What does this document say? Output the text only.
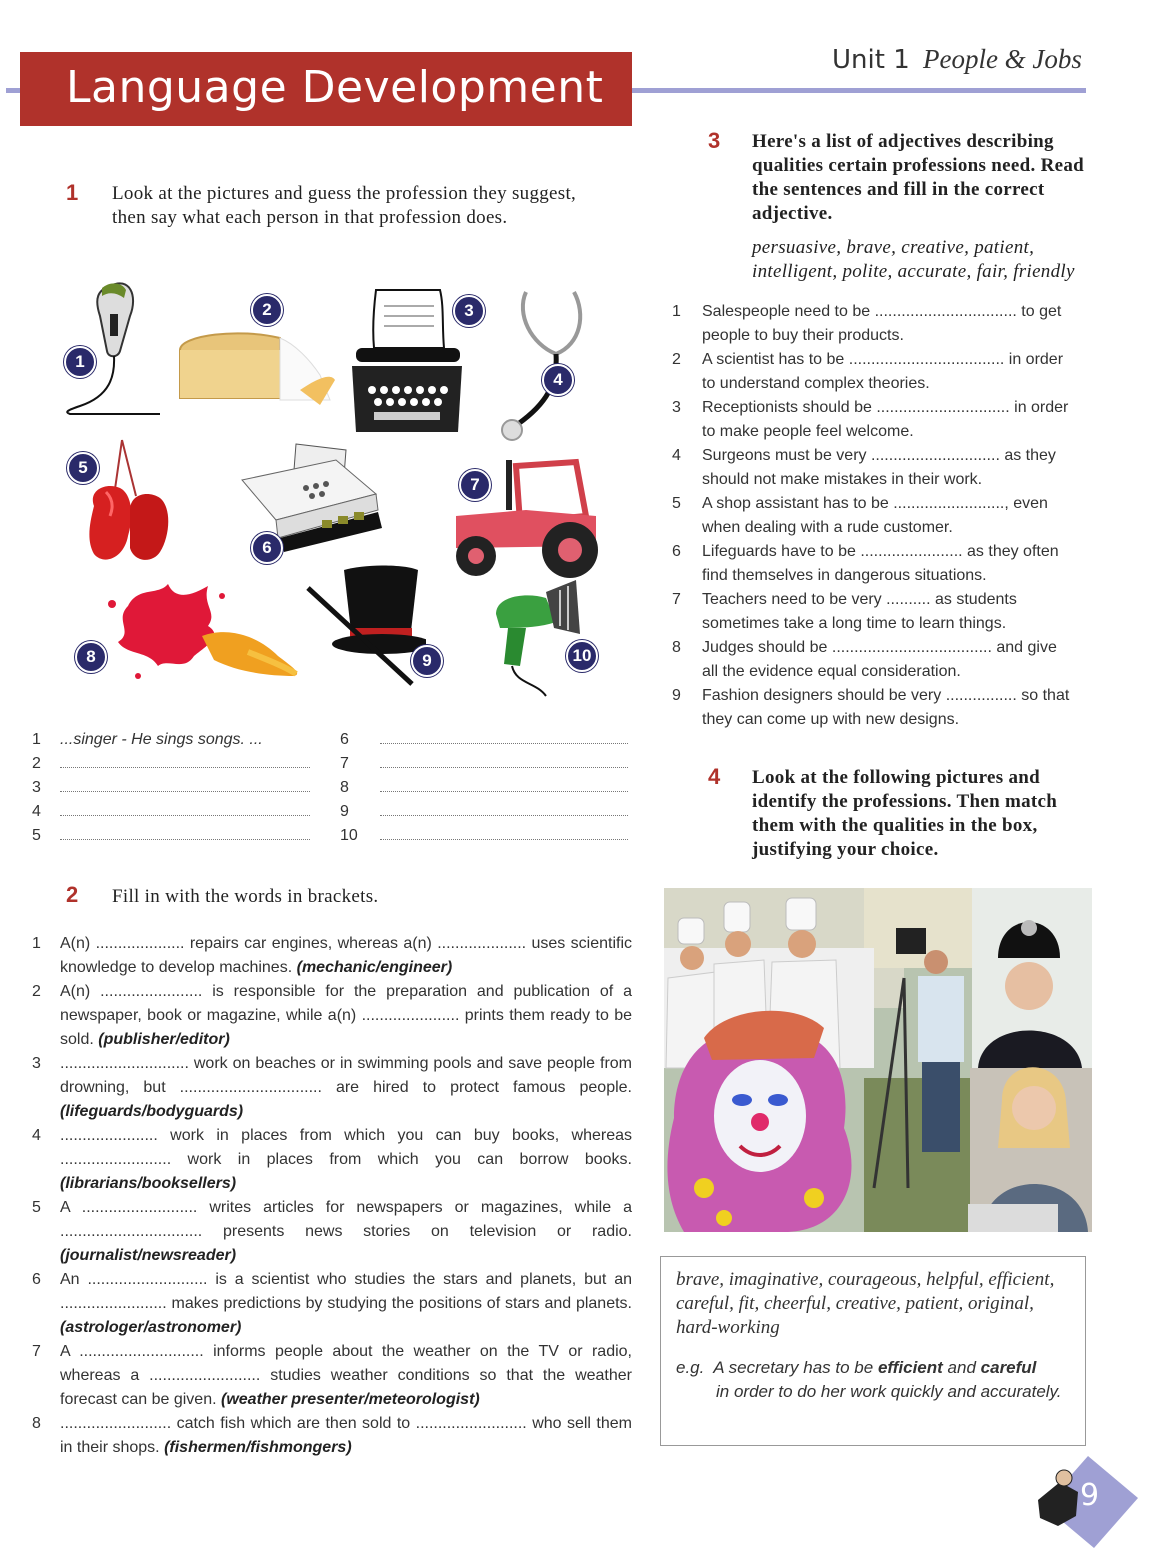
Language Development
Unit 1 People & Jobs
1 Look at the pictures and guess the profession they suggest, then say what each person in that profession does.
1
2	3
4
5
6
7
8	9	10
1 ...singer - He sings songs. ...
2
3
4
5
6
7
8
9
10
2 Fill in with the words in brackets.

1 A(n) .................... repairs car engines, whereas a(n) .................... uses scientific knowledge to develop machines. (mechanic/engineer)

2 A(n) ....................... is responsible for the preparation and publication of a newspaper, book or magazine, while a(n) ...................... prints them ready to be sold. (publisher/editor)

3 ............................. work on beaches or in swimming pools and save people from drowning, but ................................ are hired to protect famous people. (lifeguards/bodyguards)

4 ...................... work in places from which you can buy books, whereas ......................... work in places from which you can borrow books. (librarians/booksellers)

5 A .......................... writes articles for newspapers or magazines, while a ................................ presents news stories on television or radio. (journalist/newsreader)

6 An ........................... is a scientist who studies the stars and planets, but an ........................ makes predictions by studying the positions of stars and planets. (astrologer/astronomer)

7 A ............................ informs people about the weather on the TV or radio, whereas a ......................... studies weather conditions so that the weather forecast can be given. (weather presenter/meteorologist)

8 ......................... catch fish which are then sold to ......................... who sell them in their shops. (fishermen/fishmongers)

3 Here's a list of adjectives describing qualities certain professions need. Read the sentences and fill in the correct adjective.
persuasive, brave, creative, patient, intelligent, polite, accurate, fair, friendly

1 Salespeople need to be ................................ to get people to buy their products.

2 A scientist has to be ................................... in order to understand complex theories.

3 Receptionists should be .............................. in order to make people feel welcome.

4 Surgeons must be very ............................. as they should not make mistakes in their work.

5 A shop assistant has to be ........................., even when dealing with a rude customer.

6 Lifeguards have to be ....................... as they often find themselves in dangerous situations.

7 Teachers need to be very .......... as students sometimes take a long time to learn things.

8 Judges should be .................................... and give all the evidence equal consideration.

9 Fashion designers should be very ................ so that they can come up with new designs.

4 Look at the following pictures and identify the professions. Then match them with the qualities in the box, justifying your choice.
brave, imaginative, courageous, helpful, efficient, careful, fit, cheerful, creative, patient, original, hard-working
e.g. A secretary has to be efficient and careful
in order to do her work quickly and accurately.
9
